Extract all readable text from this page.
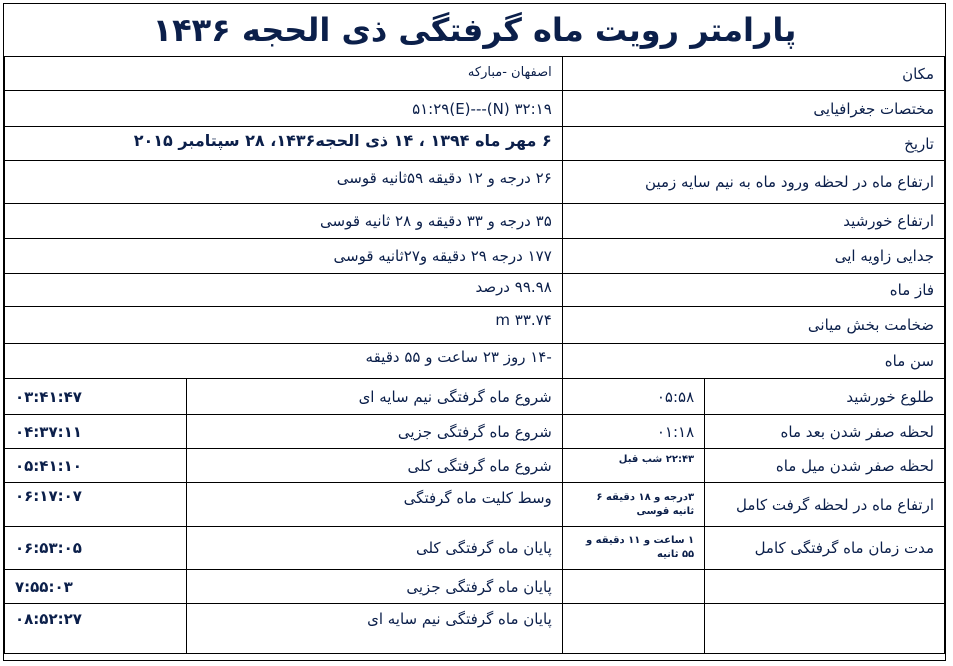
پارامتر رویت ماه گرفتگی ذی الحجه ۱۴۳۶
مکان		اصفهان -مبارکه	
مختصات جغرافیایی		۳۲:۱۹ (N)---۵۱:۲۹(E)	
تاریخ		۶ مهر ماه ۱۳۹۴ ، ۱۴ ذی الحجه۱۴۳۶، ۲۸ سپتامبر ۲۰۱۵	
ارتفاع ماه در لحظه ورود ماه به نیم سایه زمین		۲۶ درجه و ۱۲ دقیقه ۵۹ثانیه قوسی	
ارتفاع خورشید		۳۵ درجه و ۳۳ دقیقه و ۲۸ ثانیه قوسی	
جدایی زاویه ایی		۱۷۷ درجه ۲۹ دقیقه و۲۷ثانیه قوسی	
فاز ماه		۹۹.۹۸ درصد	
ضخامت بخش میانی		۳۳.۷۴ m	
سن ماه		-۱۴ روز ۲۳ ساعت و ۵۵ دقیقه	
طلوع خورشید	۰۵:۵۸	شروع ماه گرفتگی نیم سایه ای	۰۳:۴۱:۴۷
لحظه صفر شدن بعد ماه	۰۱:۱۸	شروع ماه گرفتگی جزیی	۰۴:۳۷:۱۱
لحظه صفر شدن میل ماه	۲۲:۴۳ شب قبل	شروع ماه گرفتگی کلی	۰۵:۴۱:۱۰
ارتفاع ماه در لحظه گرفت کامل	۳درجه و ۱۸ دقیقه ۶ ثانیه قوسی	وسط کلیت ماه گرفتگی	۰۶:۱۷:۰۷
مدت زمان ماه گرفتگی کامل	۱ ساعت و ۱۱ دقیقه و ۵۵ ثانیه	پایان ماه گرفتگی کلی	۰۶:۵۳:۰۵
		پایان ماه گرفتگی جزیی	۷:۵۵:۰۳
		پایان ماه گرفتگی نیم سایه ای	۰۸:۵۲:۲۷
